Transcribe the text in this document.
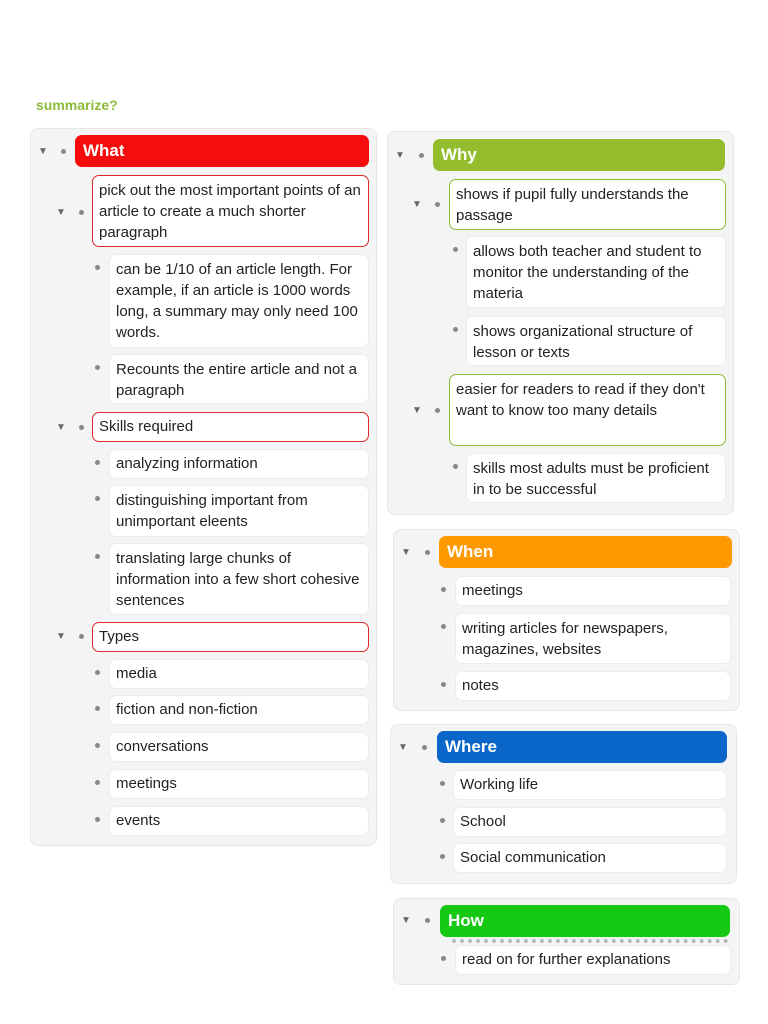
summarize?
▼	What
▼
pick out the most important points of an article to create a much shorter paragraph
can be 1/10 of an article length. For example, if an article is 1000 words long, a summary may only need 100 words.
Recounts the entire article and not a paragraph
▼	Skills required
analyzing information
distinguishing important from unimportant eleents
translating large chunks of information into a few short cohesive sentences
▼	Types
media
fiction and non-fiction
conversations
meetings
events
▼	Why
▼
shows if pupil fully understands the passage
allows both teacher and student to monitor the understanding of the materia
shows organizational structure of lesson or texts
▼
easier for readers to read if they don't want to know too many details
skills most adults must be proficient in to be successful
▼	When
meetings
writing articles for newspapers, magazines, websites
notes
▼	Where
Working life
School
Social communication
▼	How
read on for further explanations
